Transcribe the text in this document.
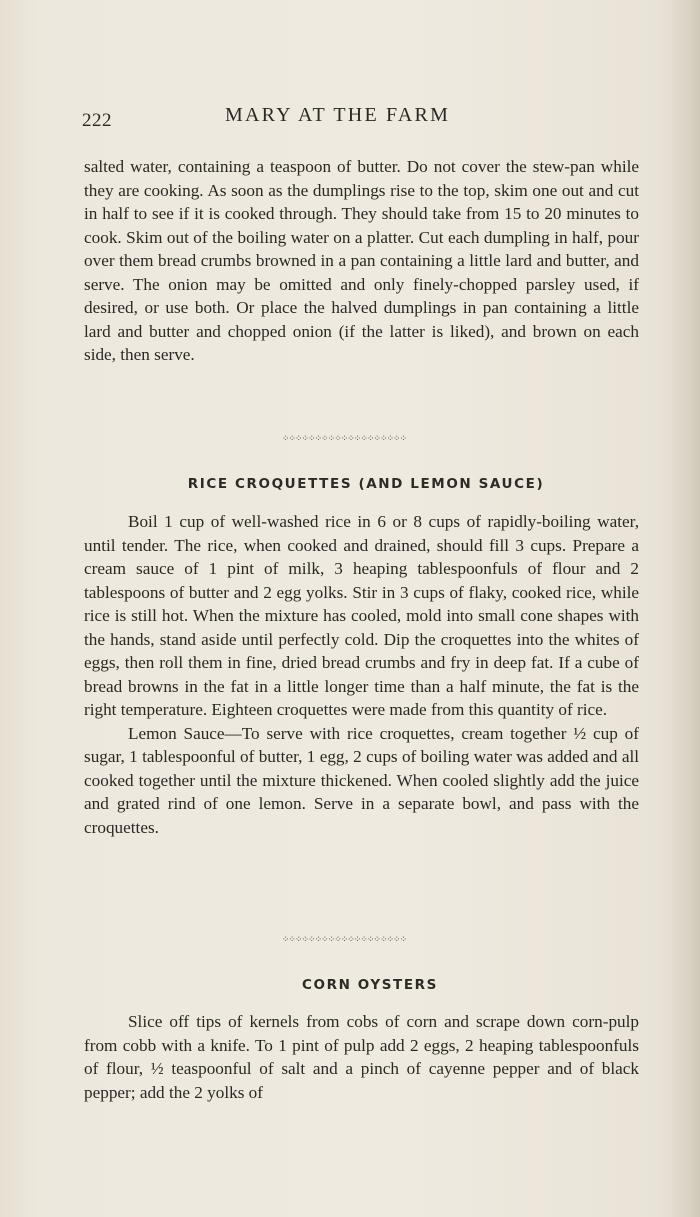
222	MARY AT THE FARM

salted water, containing a teaspoon of butter. Do not cover the stew-pan while they are cooking. As soon as the dumplings rise to the top, skim one out and cut in half to see if it is cooked through. They should take from 15 to 20 minutes to cook. Skim out of the boiling water on a platter. Cut each dumpling in half, pour over them bread crumbs browned in a pan containing a little lard and butter, and serve. The onion may be omitted and only finely-chopped parsley used, if desired, or use both. Or place the halved dumplings in pan containing a little lard and butter and chopped onion (if the latter is liked), and brown on each side, then serve.

⁘⁘⁘⁘⁘⁘⁘⁘⁘⁘⁘⁘⁘⁘⁘⁘⁘⁘⁘
RICE CROQUETTES (AND LEMON SAUCE)

Boil 1 cup of well-washed rice in 6 or 8 cups of rapidly-boiling water, until tender. The rice, when cooked and drained, should fill 3 cups. Prepare a cream sauce of 1 pint of milk, 3 heaping tablespoonfuls of flour and 2 tablespoons of butter and 2 egg yolks. Stir in 3 cups of flaky, cooked rice, while rice is still hot. When the mixture has cooled, mold into small cone shapes with the hands, stand aside until perfectly cold. Dip the croquettes into the whites of eggs, then roll them in fine, dried bread crumbs and fry in deep fat. If a cube of bread browns in the fat in a little longer time than a half minute, the fat is the right temperature. Eighteen croquettes were made from this quantity of rice.

Lemon Sauce—To serve with rice croquettes, cream together ½ cup of sugar, 1 tablespoonful of butter, 1 egg, 2 cups of boiling water was added and all cooked together until the mixture thickened. When cooled slightly add the juice and grated rind of one lemon. Serve in a separate bowl, and pass with the croquettes.

⁘⁘⁘⁘⁘⁘⁘⁘⁘⁘⁘⁘⁘⁘⁘⁘⁘⁘⁘
CORN OYSTERS

Slice off tips of kernels from cobs of corn and scrape down corn-pulp from cobb with a knife. To 1 pint of pulp add 2 eggs, 2 heaping tablespoonfuls of flour, ½ teaspoonful of salt and a pinch of cayenne pepper and of black pepper; add the 2 yolks of
